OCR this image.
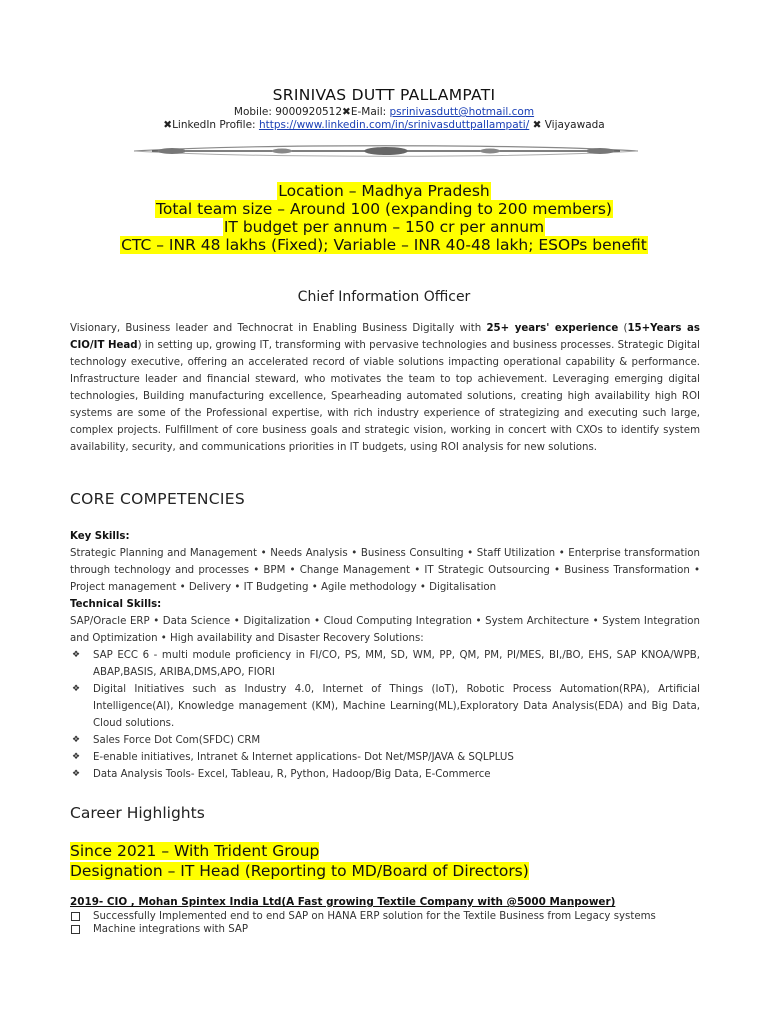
SRINIVAS DUTT PALLAMPATI
Mobile: 9000920512✖E-Mail: psrinivasdutt@hotmail.com
✖LinkedIn Profile: https://www.linkedin.com/in/srinivasduttpallampati/ ✖ Vijayawada

Location – Madhya Pradesh

Total team size – Around 100 (expanding to 200 members)

IT budget per annum – 150 cr per annum

CTC – INR 48 lakhs (Fixed); Variable – INR 40-48 lakh; ESOPs benefit

Chief Information Officer
Visionary, Business leader and Technocrat in Enabling Business Digitally with 25+ years' experience (15+Years as CIO/IT Head) in setting up, growing IT, transforming with pervasive technologies and business processes. Strategic Digital technology executive, offering an accelerated record of viable solutions impacting operational capability & performance. Infrastructure leader and financial steward, who motivates the team to top achievement. Leveraging emerging digital technologies, Building manufacturing excellence, Spearheading automated solutions, creating high availability high ROI systems are some of the Professional expertise, with rich industry experience of strategizing and executing such large, complex projects. Fulfillment of core business goals and strategic vision, working in concert with CXOs to identify system availability, security, and communications priorities in IT budgets, using ROI analysis for new solutions.
CORE COMPETENCIES
Key Skills:
Strategic Planning and Management • Needs Analysis • Business Consulting • Staff Utilization • Enterprise transformation through technology and processes • BPM • Change Management • IT Strategic Outsourcing • Business Transformation • Project management • Delivery • IT Budgeting • Agile methodology • Digitalisation
Technical Skills:
SAP/Oracle ERP • Data Science • Digitalization • Cloud Computing Integration • System Architecture • System Integration and Optimization • High availability and Disaster Recovery Solutions:
❖ SAP ECC 6 - multi module proficiency in FI/CO, PS, MM, SD, WM, PP, QM, PM, PI/MES, BI,/BO, EHS, SAP KNOA/WPB, ABAP,BASIS, ARIBA,DMS,APO, FIORI
❖ Digital Initiatives such as Industry 4.0, Internet of Things (IoT), Robotic Process Automation(RPA), Artificial Intelligence(AI), Knowledge management (KM), Machine Learning(ML),Exploratory Data Analysis(EDA) and Big Data, Cloud solutions.
❖ Sales Force Dot Com(SFDC) CRM
❖ E-enable initiatives, Intranet & Internet applications- Dot Net/MSP/JAVA & SQLPLUS
❖ Data Analysis Tools- Excel, Tableau, R, Python, Hadoop/Big Data, E-Commerce
Career Highlights
Since 2021 – With Trident Group
Designation – IT Head (Reporting to MD/Board of Directors)
2019- CIO , Mohan Spintex India Ltd(A Fast growing Textile Company with @5000 Manpower)
Successfully Implemented end to end SAP on HANA ERP solution for the Textile Business from Legacy systems
Machine integrations with SAP
